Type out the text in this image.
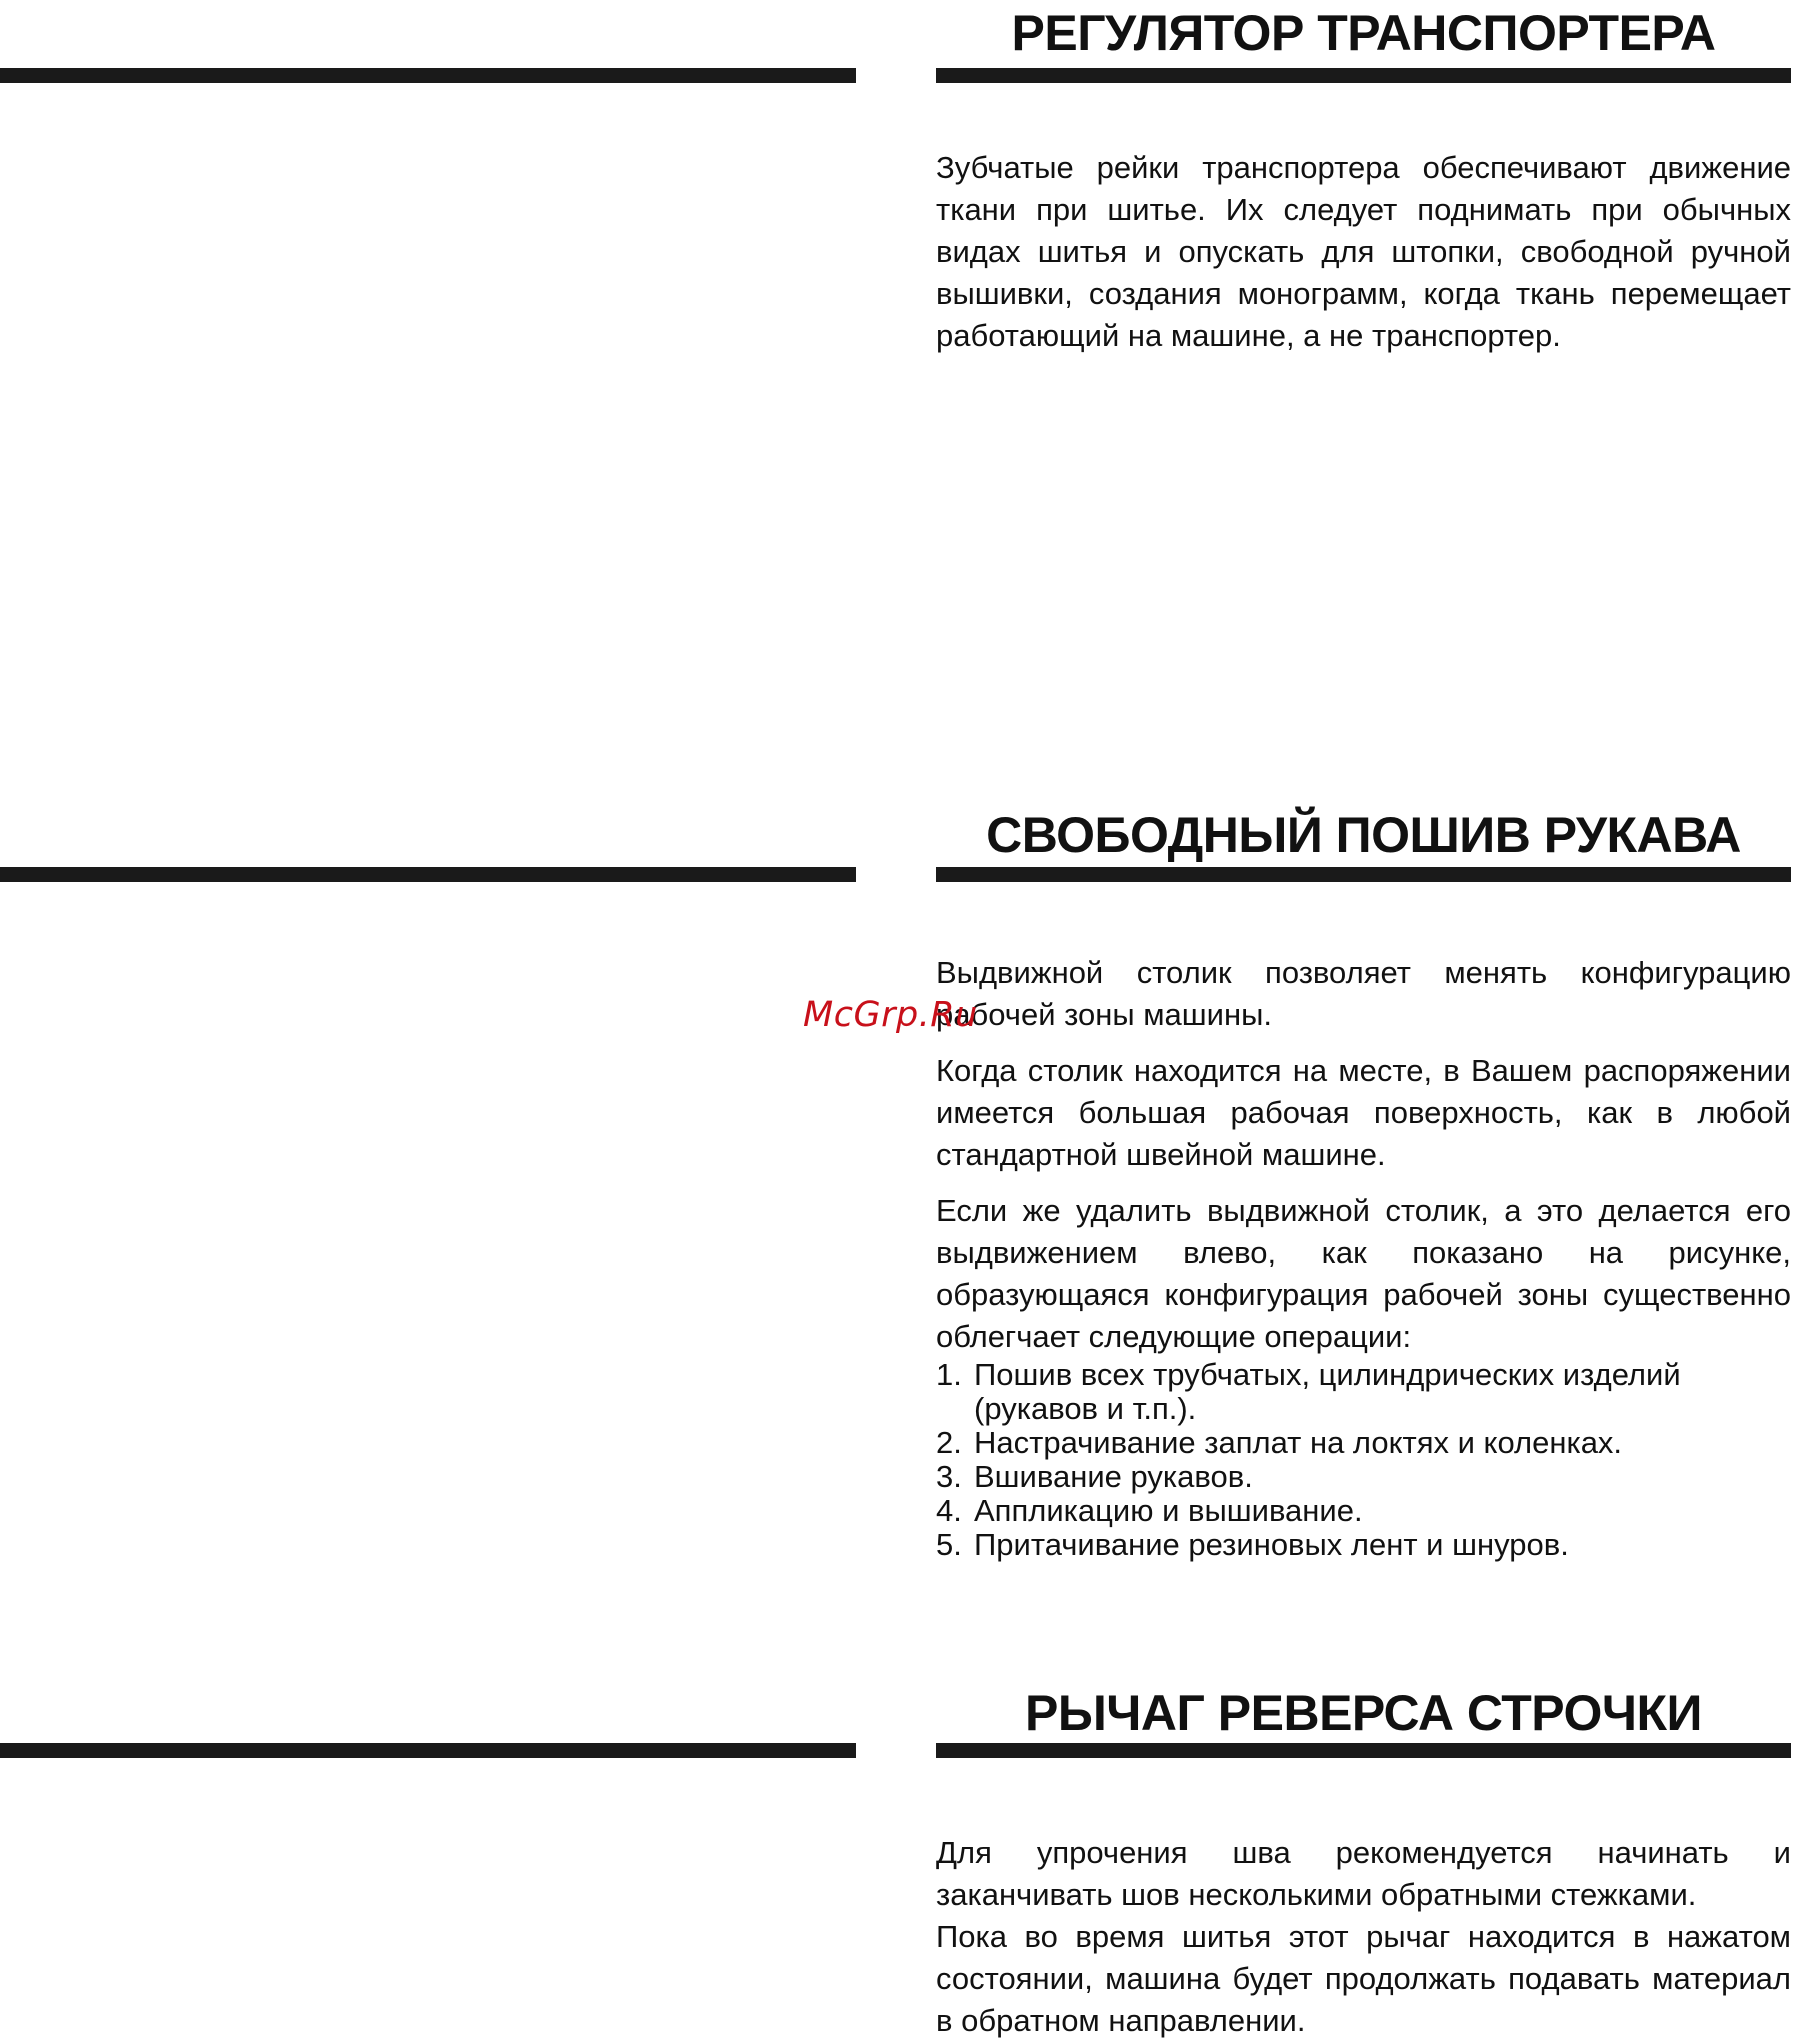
РЕГУЛЯТОР ТРАНСПОРТЕРА

Зубчатые рейки транспортера обеспечивают движение ткани при шитье. Их следует поднимать при обычных видах шитья и опускать для штопки, свободной ручной вышивки, создания монограмм, когда ткань перемещает работающий на машине, а не транспортер.

СВОБОДНЫЙ ПОШИВ РУКАВА

Выдвижной столик позволяет менять конфигурацию рабочей зоны машины.

Когда столик находится на месте, в Вашем распоряжении имеется большая рабочая поверхность, как в любой стандартной швейной машине.

Если же удалить выдвижной столик, а это делается его выдвижением влево, как показано на рисунке, образующаяся конфигурация рабочей зоны существенно облегчает следующие операции:

1. Пошив всех трубчатых, цилиндрических изделий (рукавов и т.п.).
2. Настрачивание заплат на локтях и коленках.
3. Вшивание рукавов.
4. Аппликацию и вышивание.
5. Притачивание резиновых лент и шнуров.
РЫЧАГ РЕВЕРСА СТРОЧКИ

Для упрочения шва рекомендуется начинать и заканчивать шов несколькими обратными стежками.

Пока во время шитья этот рычаг находится в нажатом состоянии, машина будет продолжать подавать материал в обратном направлении.

McGrp.Ru
